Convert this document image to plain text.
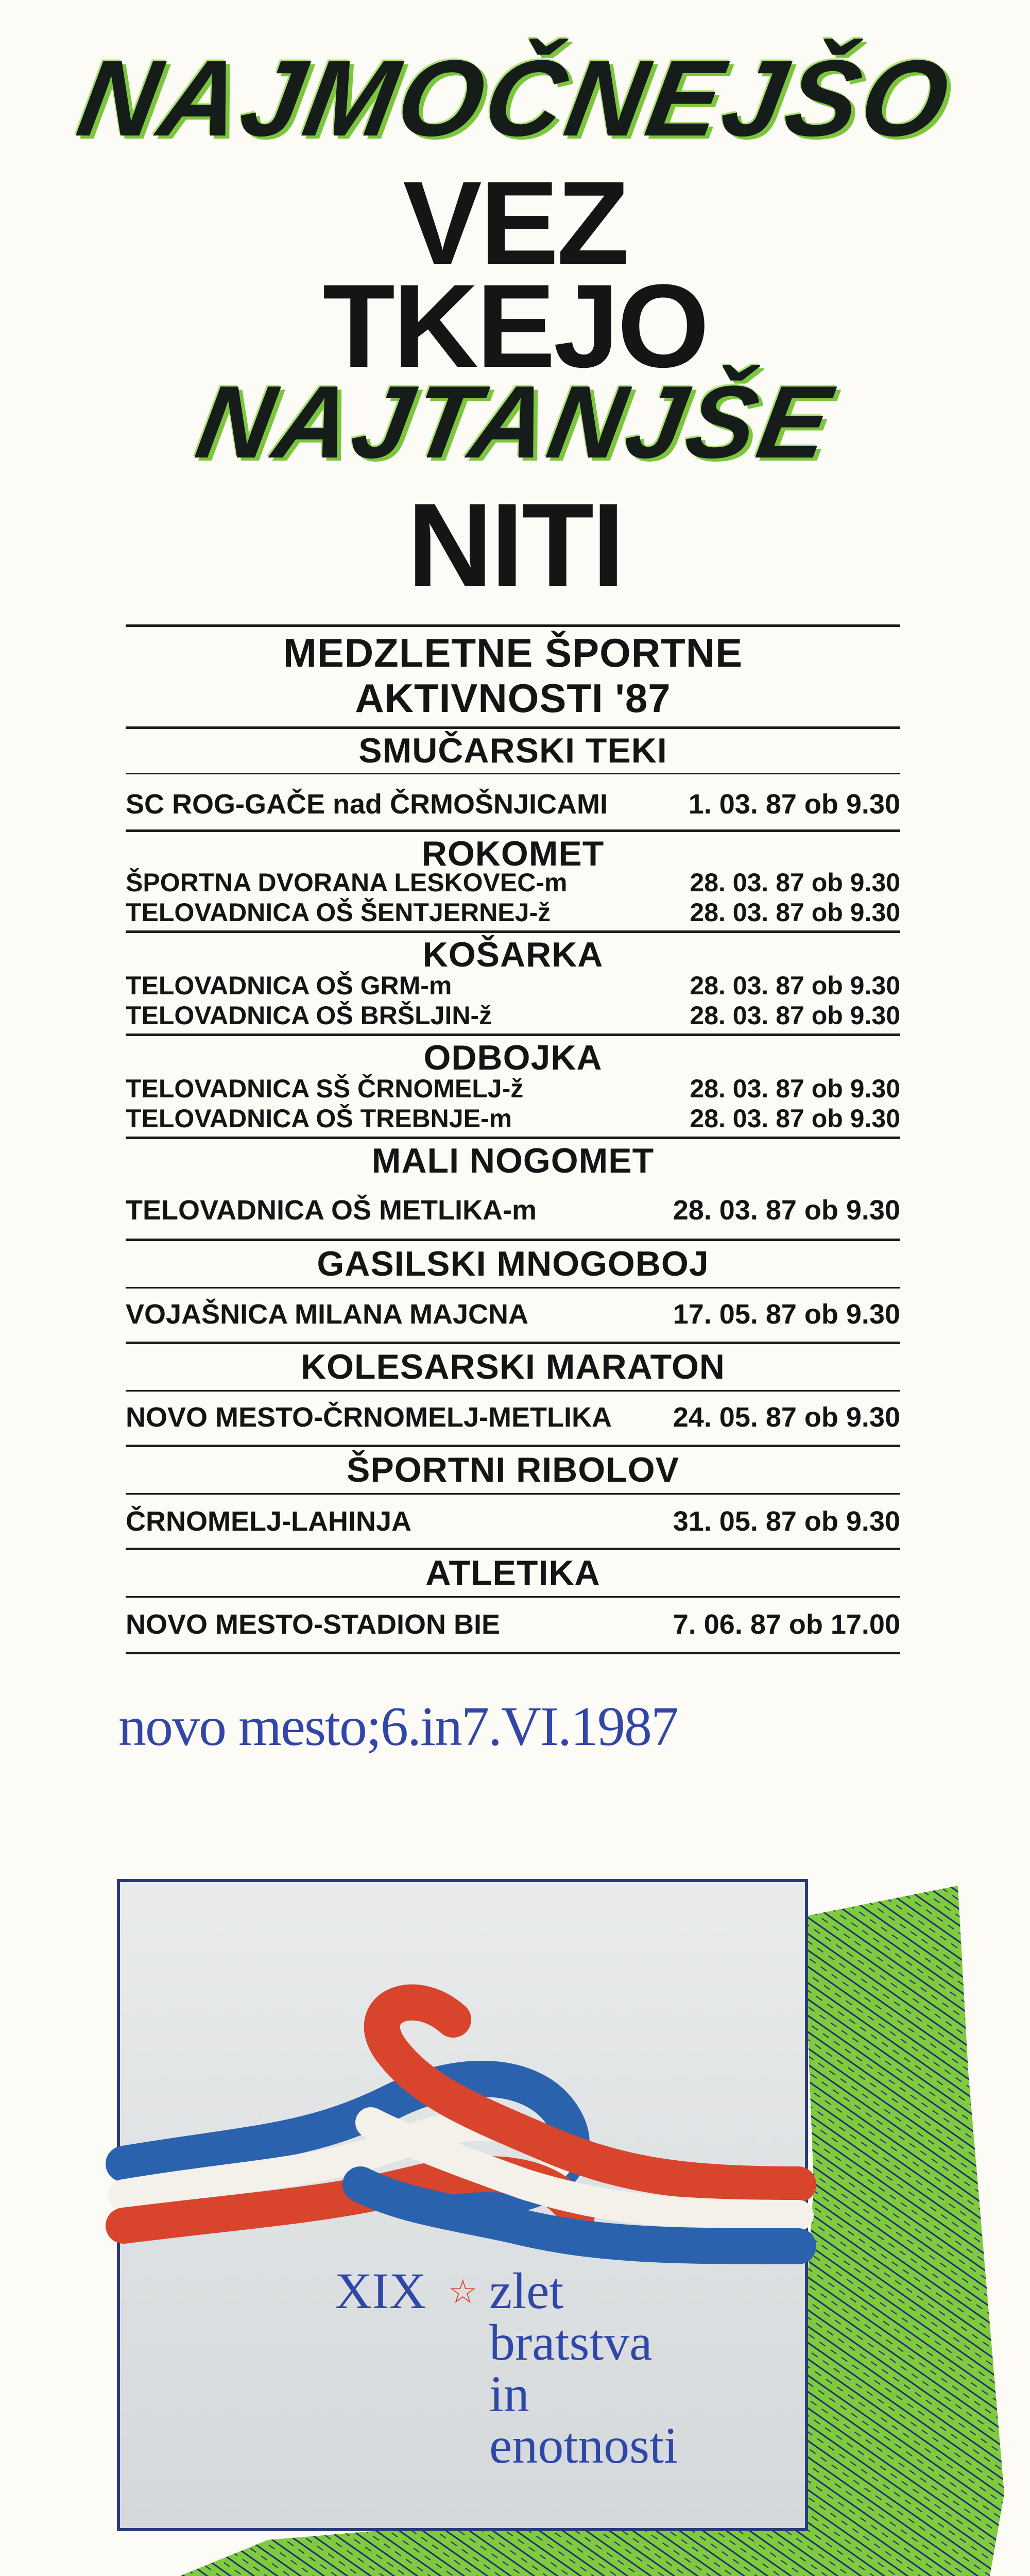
NAJMOČNEJŠO
VEZ
TKEJO
NAJTANJŠE
NITI
MEDZLETNE ŠPORTNE
AKTIVNOSTI '87
SMUČARSKI TEKI
SC ROG-GAČE nad ČRMOŠNJICAMI	1. 03. 87 ob 9.30
ROKOMET
ŠPORTNA DVORANA LESKOVEC-m	28. 03. 87 ob 9.30
TELOVADNICA OŠ ŠENTJERNEJ-ž	28. 03. 87 ob 9.30
KOŠARKA
TELOVADNICA OŠ GRM-m	28. 03. 87 ob 9.30
TELOVADNICA OŠ BRŠLJIN-ž	28. 03. 87 ob 9.30
ODBOJKA
TELOVADNICA SŠ ČRNOMELJ-ž	28. 03. 87 ob 9.30
TELOVADNICA OŠ TREBNJE-m	28. 03. 87 ob 9.30
MALI NOGOMET
TELOVADNICA OŠ METLIKA-m	28. 03. 87 ob 9.30
GASILSKI MNOGOBOJ
VOJAŠNICA MILANA MAJCNA	17. 05. 87 ob 9.30
KOLESARSKI MARATON
NOVO MESTO-ČRNOMELJ-METLIKA 24. 05. 87 ob 9.30
ŠPORTNI RIBOLOV
ČRNOMELJ-LAHINJA	31. 05. 87 ob 9.30
ATLETIKA
NOVO MESTO-STADION BIE	7. 06. 87 ob 17.00
novo mesto;6.in7.VI.1987
XIX ☆ zlet
bratstva
in
enotnosti
